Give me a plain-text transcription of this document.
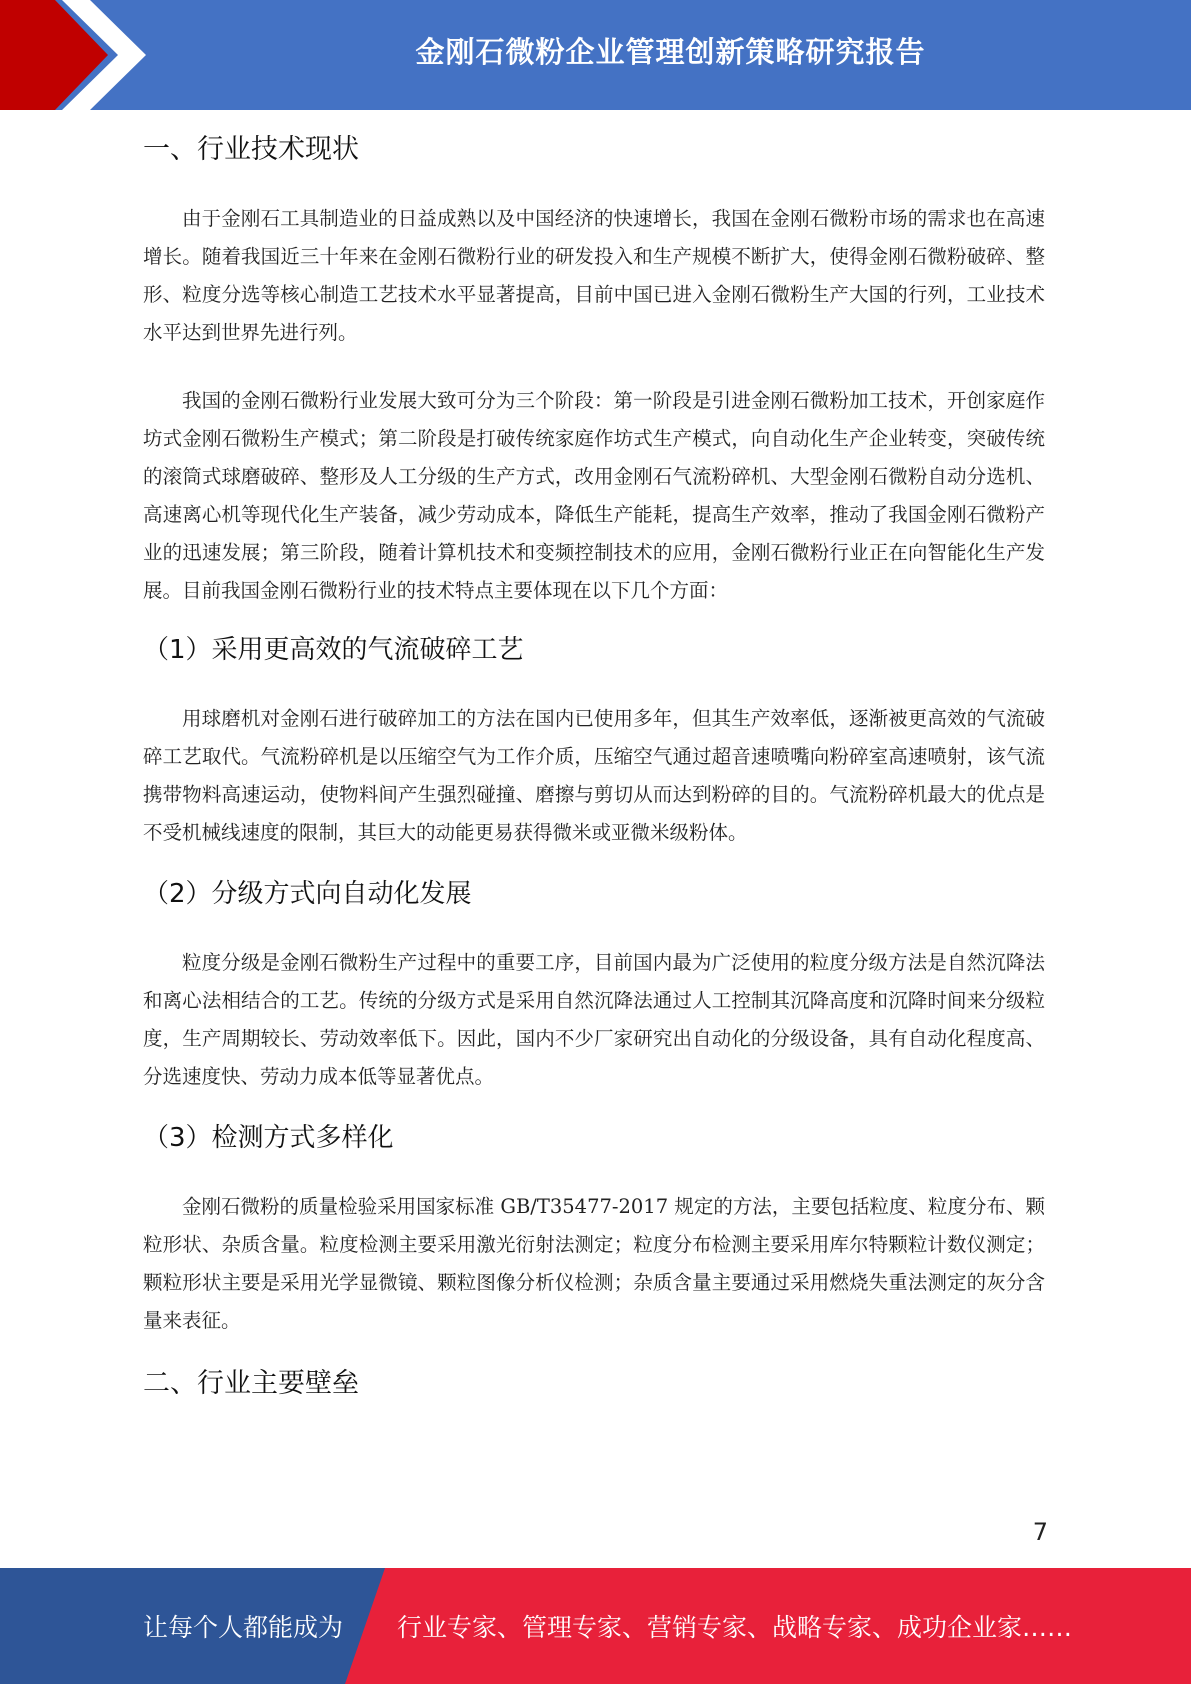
金刚石微粉企业管理创新策略研究报告
一、行业技术现状

由于金刚石工具制造业的日益成熟以及中国经济的快速增长，我国在金刚石微粉市场的需求也在高速增长。随着我国近三十年来在金刚石微粉行业的研发投入和生产规模不断扩大，使得金刚石微粉破碎、整形、粒度分选等核心制造工艺技术水平显著提高，目前中国已进入金刚石微粉生产大国的行列，工业技术水平达到世界先进行列。

我国的金刚石微粉行业发展大致可分为三个阶段：第一阶段是引进金刚石微粉加工技术，开创家庭作坊式金刚石微粉生产模式；第二阶段是打破传统家庭作坊式生产模式，向自动化生产企业转变，突破传统的滚筒式球磨破碎、整形及人工分级的生产方式，改用金刚石气流粉碎机、大型金刚石微粉自动分选机、高速离心机等现代化生产装备，减少劳动成本，降低生产能耗，提高生产效率，推动了我国金刚石微粉产业的迅速发展；第三阶段，随着计算机技术和变频控制技术的应用，金刚石微粉行业正在向智能化生产发展。目前我国金刚石微粉行业的技术特点主要体现在以下几个方面：

（1）采用更高效的气流破碎工艺

用球磨机对金刚石进行破碎加工的方法在国内已使用多年，但其生产效率低，逐渐被更高效的气流破碎工艺取代。气流粉碎机是以压缩空气为工作介质，压缩空气通过超音速喷嘴向粉碎室高速喷射，该气流携带物料高速运动，使物料间产生强烈碰撞、磨擦与剪切从而达到粉碎的目的。气流粉碎机最大的优点是不受机械线速度的限制，其巨大的动能更易获得微米或亚微米级粉体。

（2）分级方式向自动化发展

粒度分级是金刚石微粉生产过程中的重要工序，目前国内最为广泛使用的粒度分级方法是自然沉降法和离心法相结合的工艺。传统的分级方式是采用自然沉降法通过人工控制其沉降高度和沉降时间来分级粒度，生产周期较长、劳动效率低下。因此，国内不少厂家研究出自动化的分级设备，具有自动化程度高、分选速度快、劳动力成本低等显著优点。

（3）检测方式多样化

金刚石微粉的质量检验采用国家标准 GB/T35477-2017 规定的方法，主要包括粒度、粒度分布、颗粒形状、杂质含量。粒度检测主要采用激光衍射法测定；粒度分布检测主要采用库尔特颗粒计数仪测定；颗粒形状主要是采用光学显微镜、颗粒图像分析仪检测；杂质含量主要通过采用燃烧失重法测定的灰分含量来表征。

二、行业主要壁垒
7
让每个人都能成为 行业专家、管理专家、营销专家、战略专家、成功企业家……
